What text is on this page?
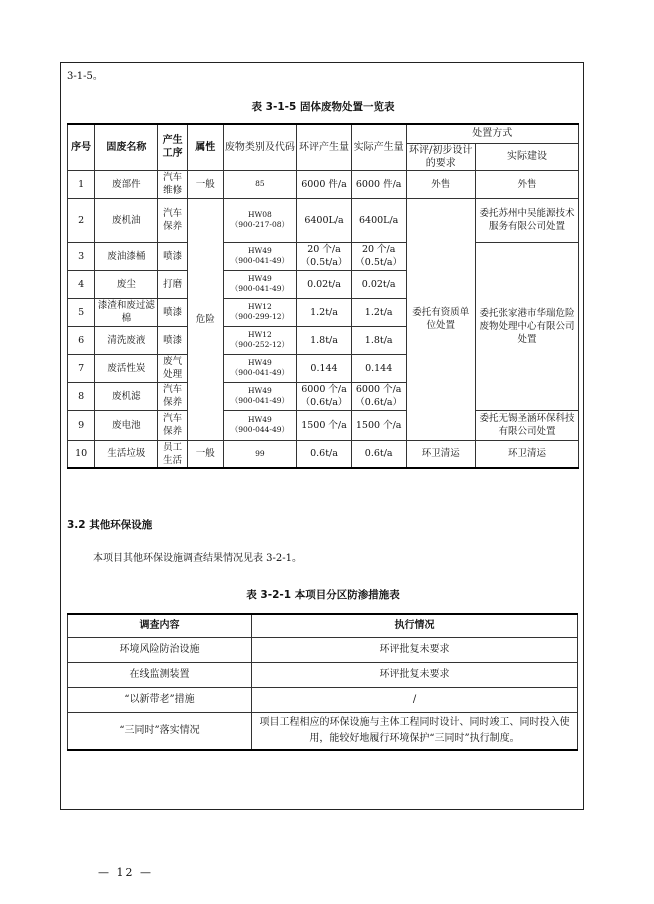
3-1-5。
表 3-1-5 固体废物处置一览表
序号	固废名称	产生工序	属性	废物类别及代码	环评产生量	实际产生量	处置方式	
							环评/初步设计的要求	实际建设
1	废部件	汽车维修	一般	85	6000 件/a	6000 件/a	外售	外售
2	废机油	汽车保养	危险	HW08
（900-217-08）	6400L/a	6400L/a	委托有资质单位处置	委托苏州中吴能源技术服务有限公司处置
3	废油漆桶	喷漆		HW49
（900-041-49）	20 个/a（0.5t/a）	20 个/a（0.5t/a）		委托张家港市华瑞危险废物处理中心有限公司处置
4	废尘	打磨		HW49
（900-041-49）	0.02t/a	0.02t/a		
5	漆渣和废过滤棉	喷漆		HW12
（900-299-12）	1.2t/a	1.2t/a		
6	清洗废液	喷漆		HW12
（900-252-12）	1.8t/a	1.8t/a		
7	废活性炭	废气处理		HW49
（900-041-49）	0.144	0.144		
8	废机滤	汽车保养		HW49
（900-041-49）	6000 个/a（0.6t/a）	6000 个/a（0.6t/a）		
9	废电池	汽车保养		HW49
（900-044-49）	1500 个/a	1500 个/a		委托无锡圣涵环保科技有限公司处置
10	生活垃圾	员工生活	一般	99	0.6t/a	0.6t/a	环卫清运	环卫清运
3.2 其他环保设施
本项目其他环保设施调查结果情况见表 3-2-1。
表 3-2-1 本项目分区防渗措施表
调查内容	执行情况
环境风险防治设施	环评批复未要求
在线监测装置	环评批复未要求
“以新带老”措施	/
“三同时”落实情况	项目工程相应的环保设施与主体工程同时设计、同时竣工、同时投入使用，能较好地履行环境保护“三同时”执行制度。
— 12 —
